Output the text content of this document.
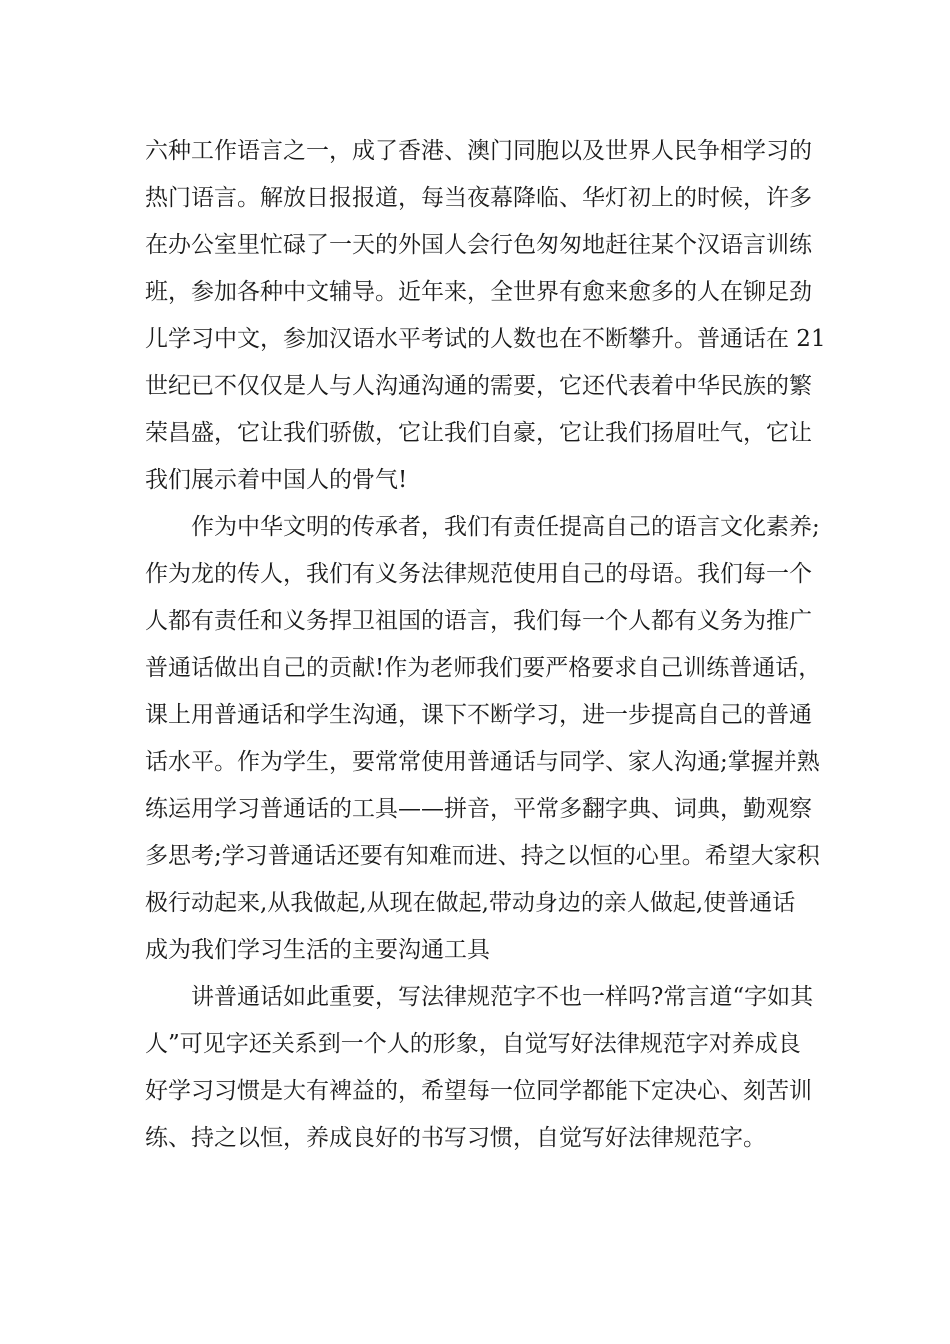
六种工作语言之一，成了香港、澳门同胞以及世界人民争相学习的
热门语言。解放日报报道，每当夜幕降临、华灯初上的时候，许多
在办公室里忙碌了一天的外国人会行色匆匆地赶往某个汉语言训练
班，参加各种中文辅导。近年来，全世界有愈来愈多的人在铆足劲
儿学习中文，参加汉语水平考试的人数也在不断攀升。普通话在 21
世纪已不仅仅是人与人沟通沟通的需要，它还代表着中华民族的繁
荣昌盛，它让我们骄傲，它让我们自豪，它让我们扬眉吐气，它让
我们展示着中国人的骨气!
作为中华文明的传承者，我们有责任提高自己的语言文化素养;
作为龙的传人，我们有义务法律规范使用自己的母语。我们每一个
人都有责任和义务捍卫祖国的语言，我们每一个人都有义务为推广
普通话做出自己的贡献!作为老师我们要严格要求自己训练普通话，
课上用普通话和学生沟通，课下不断学习，进一步提高自己的普通
话水平。作为学生，要常常使用普通话与同学、家人沟通;掌握并熟
练运用学习普通话的工具——拼音，平常多翻字典、词典，勤观察
多思考;学习普通话还要有知难而进、持之以恒的心里。希望大家积
极行动起来,从我做起,从现在做起,带动身边的亲人做起,使普通话
成为我们学习生活的主要沟通工具
讲普通话如此重要，写法律规范字不也一样吗?常言道“字如其
人”可见字还关系到一个人的形象，自觉写好法律规范字对养成良
好学习习惯是大有裨益的，希望每一位同学都能下定决心、刻苦训
练、持之以恒，养成良好的书写习惯，自觉写好法律规范字。
